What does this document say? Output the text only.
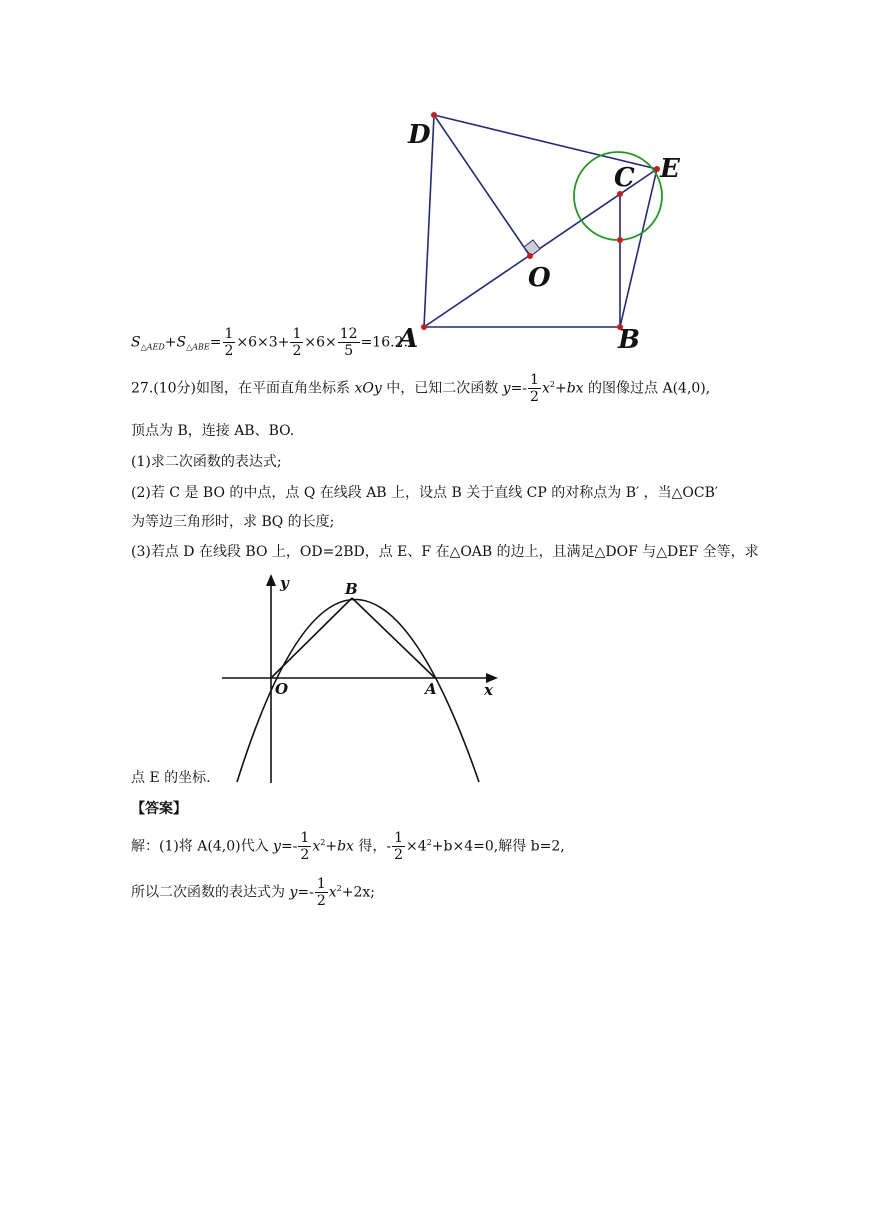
D
E
C
O
A	B
$S_{\triangle AED}+S_{\triangle ABE}= \frac{1}{2} \times 6\times 3+ \frac{1}{2} \times 6\times \frac{12}{5} =16.2$.
27.(10分)如图，在平面直角坐标系 xOy 中，已知二次函数 $y=- \frac{1}{2} x^2+bx$ 的图像过点 A(4,0),
顶点为 B，连接 AB、BO.
(1)求二次函数的表达式;
(2)若 C 是 BO 的中点，点 Q 在线段 AB 上，设点 B 关于直线 CP 的对称点为 B′ ，当△OCB′
为等边三角形时，求 BQ 的长度;
(3)若点 D 在线段 BO 上，OD=2BD，点 E、F 在△OAB 的边上，且满足△DOF 与△DEF 全等，求
y
x
O	A
B
点 E 的坐标.
【答案】
解：(1)将 A(4,0)代入 $y=- \frac{1}{2} x^2+bx$ 得，- $\frac{1}{2} \times 4^2+b\times 4=0$,解得 b=2,
所以二次函数的表达式为 $y=- \frac{1}{2} x^2+2x$;
